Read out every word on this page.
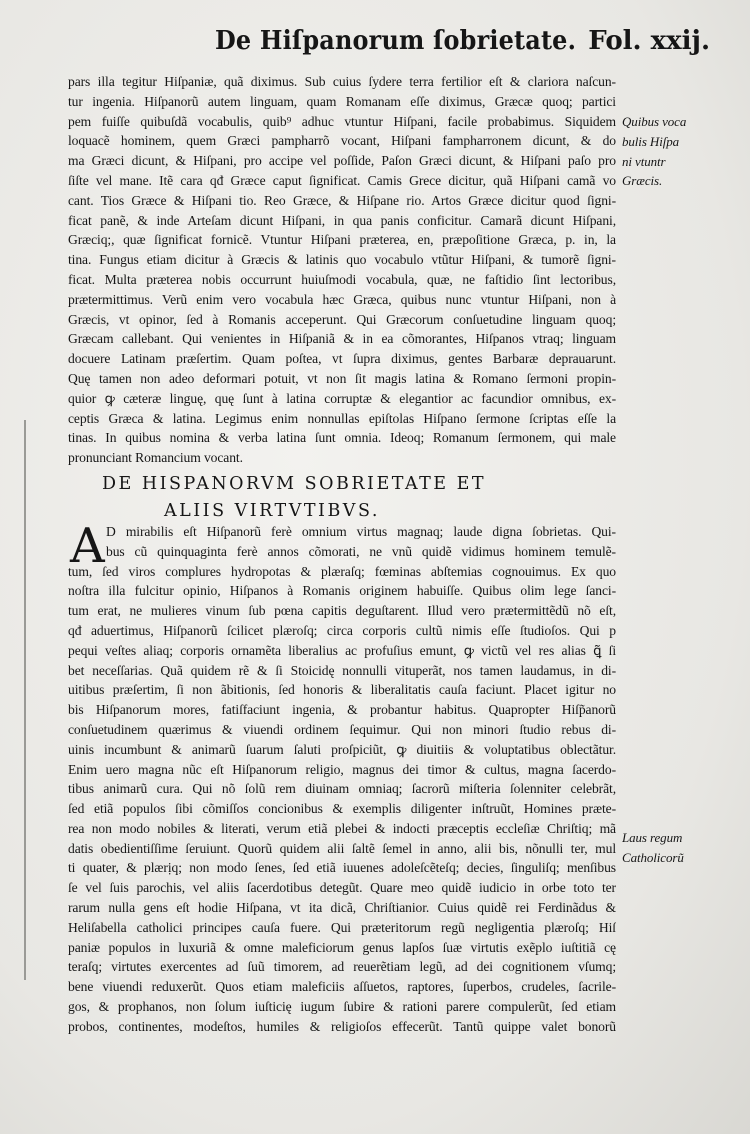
De Hiſpanorum ſobrietate. Fol. xxij.
pars illa tegitur Hiſpaniæ, quã diximus. Sub cuius ſydere terra fertilior eſt & clariora naſcun-
tur ingenia. Hiſpanorũ autem linguam, quam Romanam eſſe diximus, Græcæ quoq; partici
pem fuiſſe quibuſdã vocabulis, quib⁹ adhuc vtuntur Hiſpani, facile probabimus. Siquidem
loquacẽ hominem, quem Græci pampharrõ vocant, Hiſpani fampharronem dicunt, & do
ma Græci dicunt, & Hiſpani, pro accipe vel poſſide, Paſon Græci dicunt, & Hiſpani paſo pro
ſiſte vel mane. Itẽ cara qđ Græce caput ſignificat. Camis Grece dicitur, quã Hiſpani camã vo
cant. Tios Græce & Hiſpani tio. Reo Græce, & Hiſpane rio. Artos Græce dicitur quod ſigni-
ficat panẽ, & inde Arteſam dicunt Hiſpani, in qua panis conficitur. Camarã dicunt Hiſpani,
Græciq;, quæ ſignificat fornicẽ. Vtuntur Hiſpani præterea, en, præpoſitione Græca, p. in, la
tina. Fungus etiam dicitur à Græcis & latinis quo vocabulo vtũtur Hiſpani, & tumorẽ ſigni-
ficat. Multa præterea nobis occurrunt huiuſmodi vocabula, quæ, ne faſtidio ſint lectoribus,
prætermittimus. Verũ enim vero vocabula hæc Græca, quibus nunc vtuntur Hiſpani, non à
Græcis, vt opinor, ſed à Romanis acceperunt. Qui Græcorum conſuetudine linguam quoq;
Græcam callebant. Qui venientes in Hiſpaniã & in ea cõmorantes, Hiſpanos vtraq; linguam
docuere Latinam præſertim. Quam poſtea, vt ſupra diximus, gentes Barbaræ deprauarunt.
Quę tamen non adeo deformari potuit, vt non ſit magis latina & Romano ſermoni propin-
quior ꝙ cæteræ linguę, quę ſunt à latina corruptæ & elegantior ac facundior omnibus, ex-
ceptis Græca & latina. Legimus enim nonnullas epiſtolas Hiſpano ſermone ſcriptas eſſe la
tinas. In quibus nomina & verba latina ſunt omnia. Ideoq; Romanum ſermonem, qui male
pronunciant Romancium vocant.
DE HISPANORVM SOBRIETATE ET
ALIIS VIRTVTIBVS.
A D mirabilis eſt Hiſpanorũ ferè omnium virtus magnaq; laude digna ſobrietas. Qui-
bus cũ quinquaginta ferè annos cõmorati, ne vnũ quidẽ vidimus hominem temulẽ-
tum, ſed viros complures hydropotas & plæraſq; fœminas abſtemias cognouimus. Ex quo
noſtra illa fulcitur opinio, Hiſpanos à Romanis originem habuiſſe. Quibus olim lege ſanci-
tum erat, ne mulieres vinum ſub pœna capitis deguſtarent. Illud vero prætermittẽdũ nõ eſt,
qđ aduertimus, Hiſpanorũ ſcilicet plæroſq; circa corporis cultũ nimis eſſe ſtudioſos. Qui p
pequi veſtes aliaq; corporis ornamẽta liberalius ac profuſius emunt, ꝙ victũ vel res alias ꝗ̃ ſi
bet neceſſarias. Quã quidem rẽ & ſi Stoicidę nonnulli vituperãt, nos tamen laudamus, in di-
uitibus præſertim, ſi non ãbitionis, ſed honoris & liberalitatis cauſa faciunt. Placet igitur no
bis Hiſpanorum mores, fatiſfaciunt ingenia, & probantur habitus. Quapropter Hiſp̃anorũ
conſuetudinem quærimus & viuendi ordinem ſequimur. Qui non minori ſtudio rebus di-
uinis incumbunt & animarũ ſuarum ſaluti proſpiciũt, ꝙ diuitiis & voluptatibus oblectãtur.
Enim uero magna nũc eſt Hiſpanorum religio, magnus dei timor & cultus, magna ſacerdo-
tibus animarũ cura. Qui nõ ſolũ rem diuinam omniaq; ſacrorũ miſteria ſolenniter celebrãt,
ſed etiã populos ſibi cõmiſſos concionibus & exemplis diligenter inſtruũt, Homines præte-
rea non modo nobiles & literati, verum etiã plebei & indocti præceptis eccleſiæ Chriſtiq; mã
datis obedientiſſime ſeruiunt. Quorũ quidem alii ſaltẽ ſemel in anno, alii bis, nõnulli ter, mul
ti quater, & plærịq; non modo ſenes, ſed etiã iuuenes adoleſcẽteſq; decies, ſinguliſq; menſibus
ſe vel ſuis parochis, vel aliis ſacerdotibus detegũt. Quare meo quidẽ iudicio in orbe toto ter
rarum nulla gens eſt hodie Hiſpana, vt ita dicã, Chriſtianior. Cuius quidẽ rei Ferdinãdus &
Heliſabella catholici principes cauſa fuere. Qui præteritorum regũ negligentia plæroſq; Hiſ
paniæ populos in luxuriã & omne maleficiorum genus lapſos ſuæ virtutis exẽplo iuſtitiã cę
teraſq; virtutes exercentes ad ſuũ timorem, ad reuerẽtiam legũ, ad dei cognitionem vſumq;
bene viuendi reduxerũt. Quos etiam maleficiis aſſuetos, raptores, ſuperbos, crudeles, ſacrile-
gos, & prophanos, non ſolum iuſticię iugum ſubire & rationi parere compulerũt, ſed etiam
probos, continentes, modeſtos, humiles & religioſos effecerũt. Tantũ quippe valet bonorũ
Quibus voca
bulis Hiſpa
ni vtuntr
Græcis.
Laus regum
Catholicorũ
